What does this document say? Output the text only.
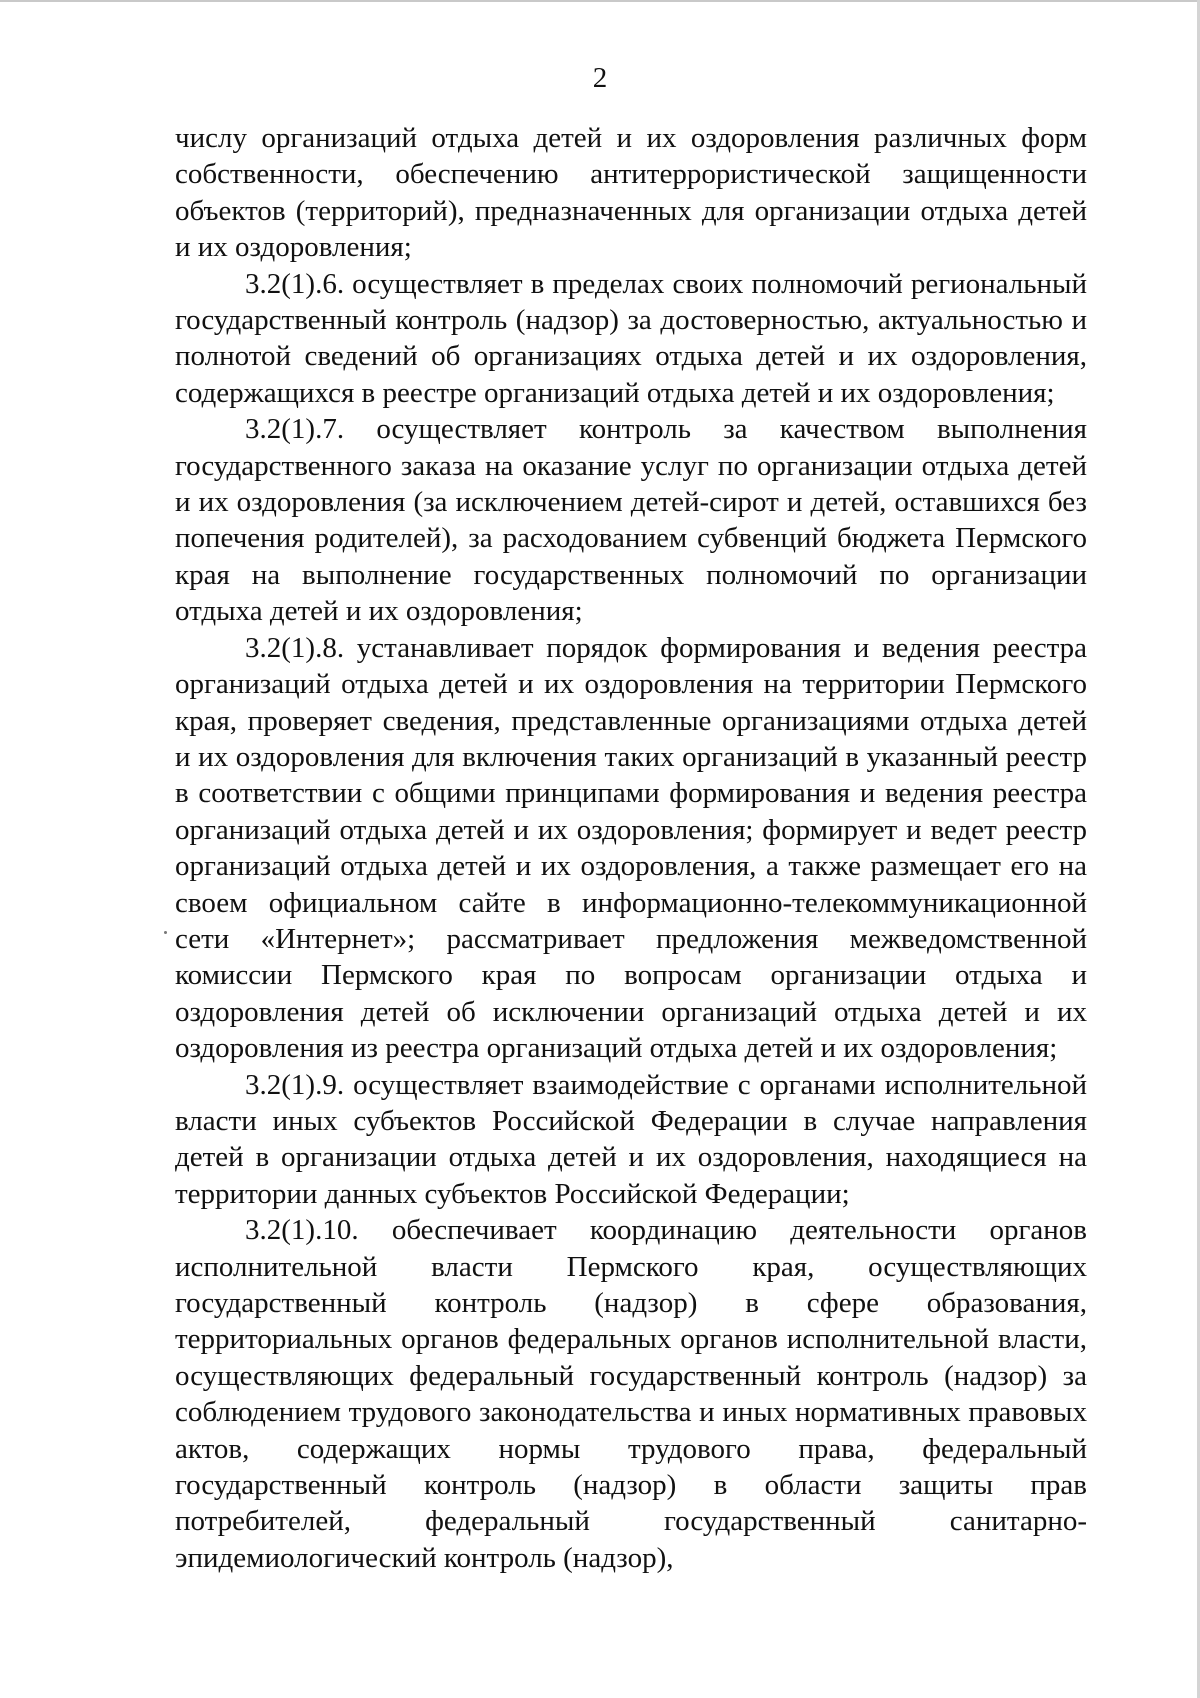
2

числу организаций отдыха детей и их оздоровления различных форм собственности, обеспечению антитеррористической защищенности объектов (территорий), предназначенных для организации отдыха детей и их оздоровления;

3.2(1).6. осуществляет в пределах своих полномочий региональный государственный контроль (надзор) за достоверностью, актуальностью и полнотой сведений об организациях отдыха детей и их оздоровления, содержащихся в реестре организаций отдыха детей и их оздоровления;

3.2(1).7. осуществляет контроль за качеством выполнения государственного заказа на оказание услуг по организации отдыха детей и их оздоровления (за исключением детей-сирот и детей, оставшихся без попечения родителей), за расходованием субвенций бюджета Пермского края на выполнение государственных полномочий по организации отдыха детей и их оздоровления;

3.2(1).8. устанавливает порядок формирования и ведения реестра организаций отдыха детей и их оздоровления на территории Пермского края, проверяет сведения, представленные организациями отдыха детей и их оздоровления для включения таких организаций в указанный реестр в соответствии с общими принципами формирования и ведения реестра организаций отдыха детей и их оздоровления; формирует и ведет реестр организаций отдыха детей и их оздоровления, а также размещает его на своем официальном сайте в информационно-телекоммуникационной сети «Интернет»; рассматривает предложения межведомственной комиссии Пермского края по вопросам организации отдыха и оздоровления детей об исключении организаций отдыха детей и их оздоровления из реестра организаций отдыха детей и их оздоровления;

3.2(1).9. осуществляет взаимодействие с органами исполнительной власти иных субъектов Российской Федерации в случае направления детей в организации отдыха детей и их оздоровления, находящиеся на территории данных субъектов Российской Федерации;

3.2(1).10. обеспечивает координацию деятельности органов исполнительной власти Пермского края, осуществляющих государственный контроль (надзор) в сфере образования, территориальных органов федеральных органов исполнительной власти, осуществляющих федеральный государственный контроль (надзор) за соблюдением трудового законодательства и иных нормативных правовых актов, содержащих нормы трудового права, федеральный государственный контроль (надзор) в области защиты прав потребителей, федеральный государственный санитарно-эпидемиологический контроль (надзор),
